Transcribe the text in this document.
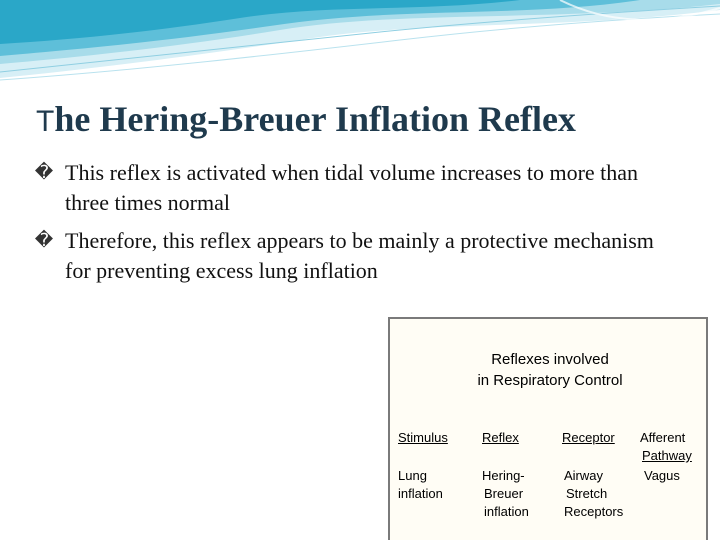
The Hering-Breuer Inflation Reflex
� This reflex is activated when tidal volume increases to more than three times normal
� Therefore, this reflex appears to be mainly a protective mechanism for preventing excess lung inflation
Reflexes involved
in Respiratory Control
Stimulus	Reflex	Receptor Afferent
Pathway
Lung
inflation
Hering-
Breuer
inflation
Airway
Stretch
Receptors
Vagus
